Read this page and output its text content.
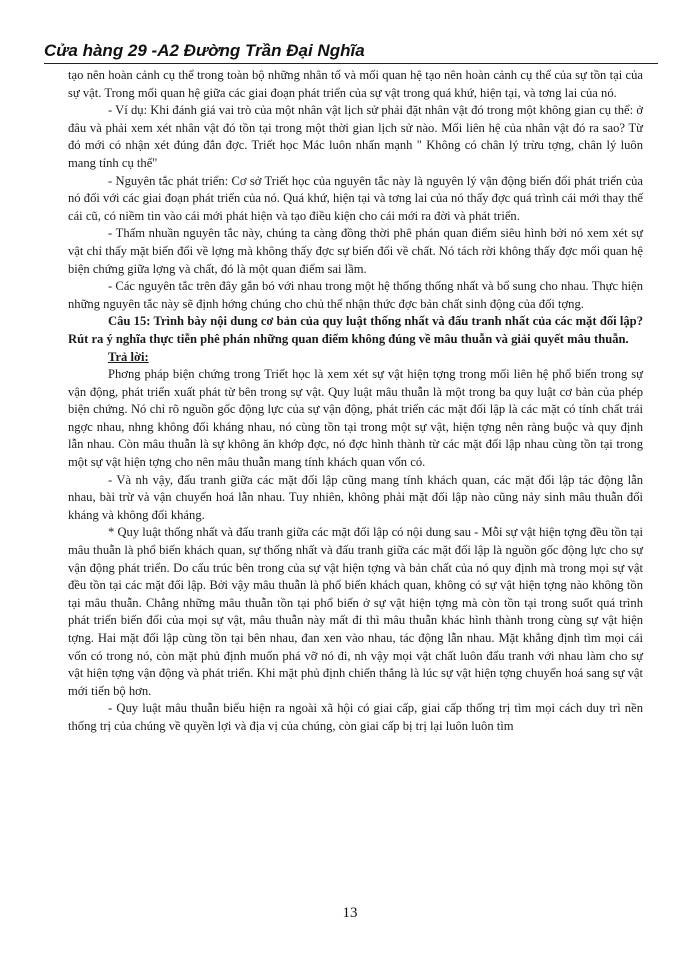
Cửa hàng 29 -A2 Đường Trần Đại Nghĩa

tạo nên hoàn cảnh cụ thể trong toàn bộ những nhân tố và mối quan hệ tạo nên hoàn cảnh cụ thể của sự tồn tại của sự vật. Trong mối quan hệ giữa các giai đoạn phát triển của sự vật trong quá khứ, hiện tại, và tơng lai của nó.

- Ví dụ: Khi đánh giá vai trò của một nhân vật lịch sử phải đặt nhân vật đó trong một không gian cụ thể: ở đâu và phải xem xét nhân vật đó tồn tại trong một thời gian lịch sử nào. Mối liên hệ của nhân vật đó ra sao? Từ đó mới có nhận xét đúng đắn đợc. Triết học Mác luôn nhấn mạnh " Không có chân lý trừu tợng, chân lý luôn mang tính cụ thể"

- Nguyên tắc phát triển: Cơ sở Triết học của nguyên tắc này là nguyên lý vận động biến đổi phát triển của nó đối với các giai đoạn phát triển của nó. Quá khứ, hiện tại và tơng lai của nó thấy đợc quá trình cái mới thay thế cái cũ, có niềm tin vào cái mới phát hiện và tạo điều kiện cho cái mới ra đời và phát triển.

- Thấm nhuần nguyên tắc này, chúng ta càng đồng thời phê phán quan điểm siêu hình bởi nó xem xét sự vật chỉ thấy mặt biến đổi về lợng mà không thấy đợc sự biến đổi về chất. Nó tách rời không thấy đợc mối quan hệ biện chứng giữa lợng và chất, đó là một quan điểm sai lầm.

- Các nguyên tắc trên đây gắn bó với nhau trong một hệ thống thống nhất và bổ sung cho nhau. Thực hiện những nguyên tắc này sẽ định hớng chúng cho chủ thể nhận thức đợc bản chất sinh động của đối tợng.

Câu 15: Trình bày nội dung cơ bản của quy luật thống nhất và đấu tranh nhất của các mặt đối lập? Rút ra ý nghĩa thực tiễn phê phán những quan điểm không đúng về mâu thuẫn và giải quyết mâu thuẫn.

Trả lời:

Phơng pháp biện chứng trong Triết học là xem xét sự vật hiện tợng trong mối liên hệ phổ biến trong sự vận động, phát triển xuất phát từ bên trong sự vật. Quy luật mâu thuẫn là một trong ba quy luật cơ bản của phép biện chứng. Nó chỉ rõ nguồn gốc động lực của sự vận động, phát triển các mặt đối lập là các mặt có tính chất trái ngợc nhau, nhng không đối kháng nhau, nó cùng tồn tại trong một sự vật, hiện tợng nên ràng buộc và quy định lẫn nhau. Còn mâu thuẫn là sự không ăn khớp đợc, nó đợc hình thành từ các mặt đối lập nhau cùng tồn tại trong một sự vật hiện tợng cho nên mâu thuẫn mang tính khách quan vốn có.

- Và nh vậy, đấu tranh giữa các mặt đối lập cũng mang tính khách quan, các mặt đối lập tác động lẫn nhau, bài trừ và vận chuyển hoá lẫn nhau. Tuy nhiên, không phải mặt đối lập nào cũng nảy sinh mâu thuẫn đối kháng và không đối kháng.

* Quy luật thống nhất và đấu tranh giữa các mặt đối lập có nội dung sau - Mỗi sự vật hiện tợng đều tồn tại mâu thuẫn là phổ biến khách quan, sự thống nhất và đấu tranh giữa các mặt đối lập là nguồn gốc động lực cho sự vận động phát triển. Do cấu trúc bên trong của sự vật hiện tợng và bản chất của nó quy định mà trong mọi sự vật đều tồn tại các mặt đối lập. Bởi vậy mâu thuẫn là phổ biến khách quan, không có sự vật hiện tợng nào không tồn tại mâu thuẫn. Chẳng những mâu thuẫn tồn tại phổ biến ở sự vật hiện tợng mà còn tồn tại trong suốt quá trình phát triển biến đổi của mọi sự vật, mâu thuẫn này mất đi thì mâu thuẫn khác hình thành trong cùng sự vật hiện tợng. Hai mặt đối lập cùng tồn tại bên nhau, đan xen vào nhau, tác động lẫn nhau. Mặt khẳng định tìm mọi cái vốn có trong nó, còn mặt phủ định muốn phá vỡ nó đi, nh vậy mọi vật chất luôn đấu tranh với nhau làm cho sự vật hiện tợng vận động và phát triển. Khi mặt phủ định chiến thắng là lúc sự vật hiện tợng chuyển hoá sang sự vật mới tiến bộ hơn.

- Quy luật mâu thuẫn biểu hiện ra ngoài xã hội có giai cấp, giai cấp thống trị tìm mọi cách duy trì nền thống trị của chúng về quyền lợi và địa vị của chúng, còn giai cấp bị trị lại luôn luôn tìm

13
